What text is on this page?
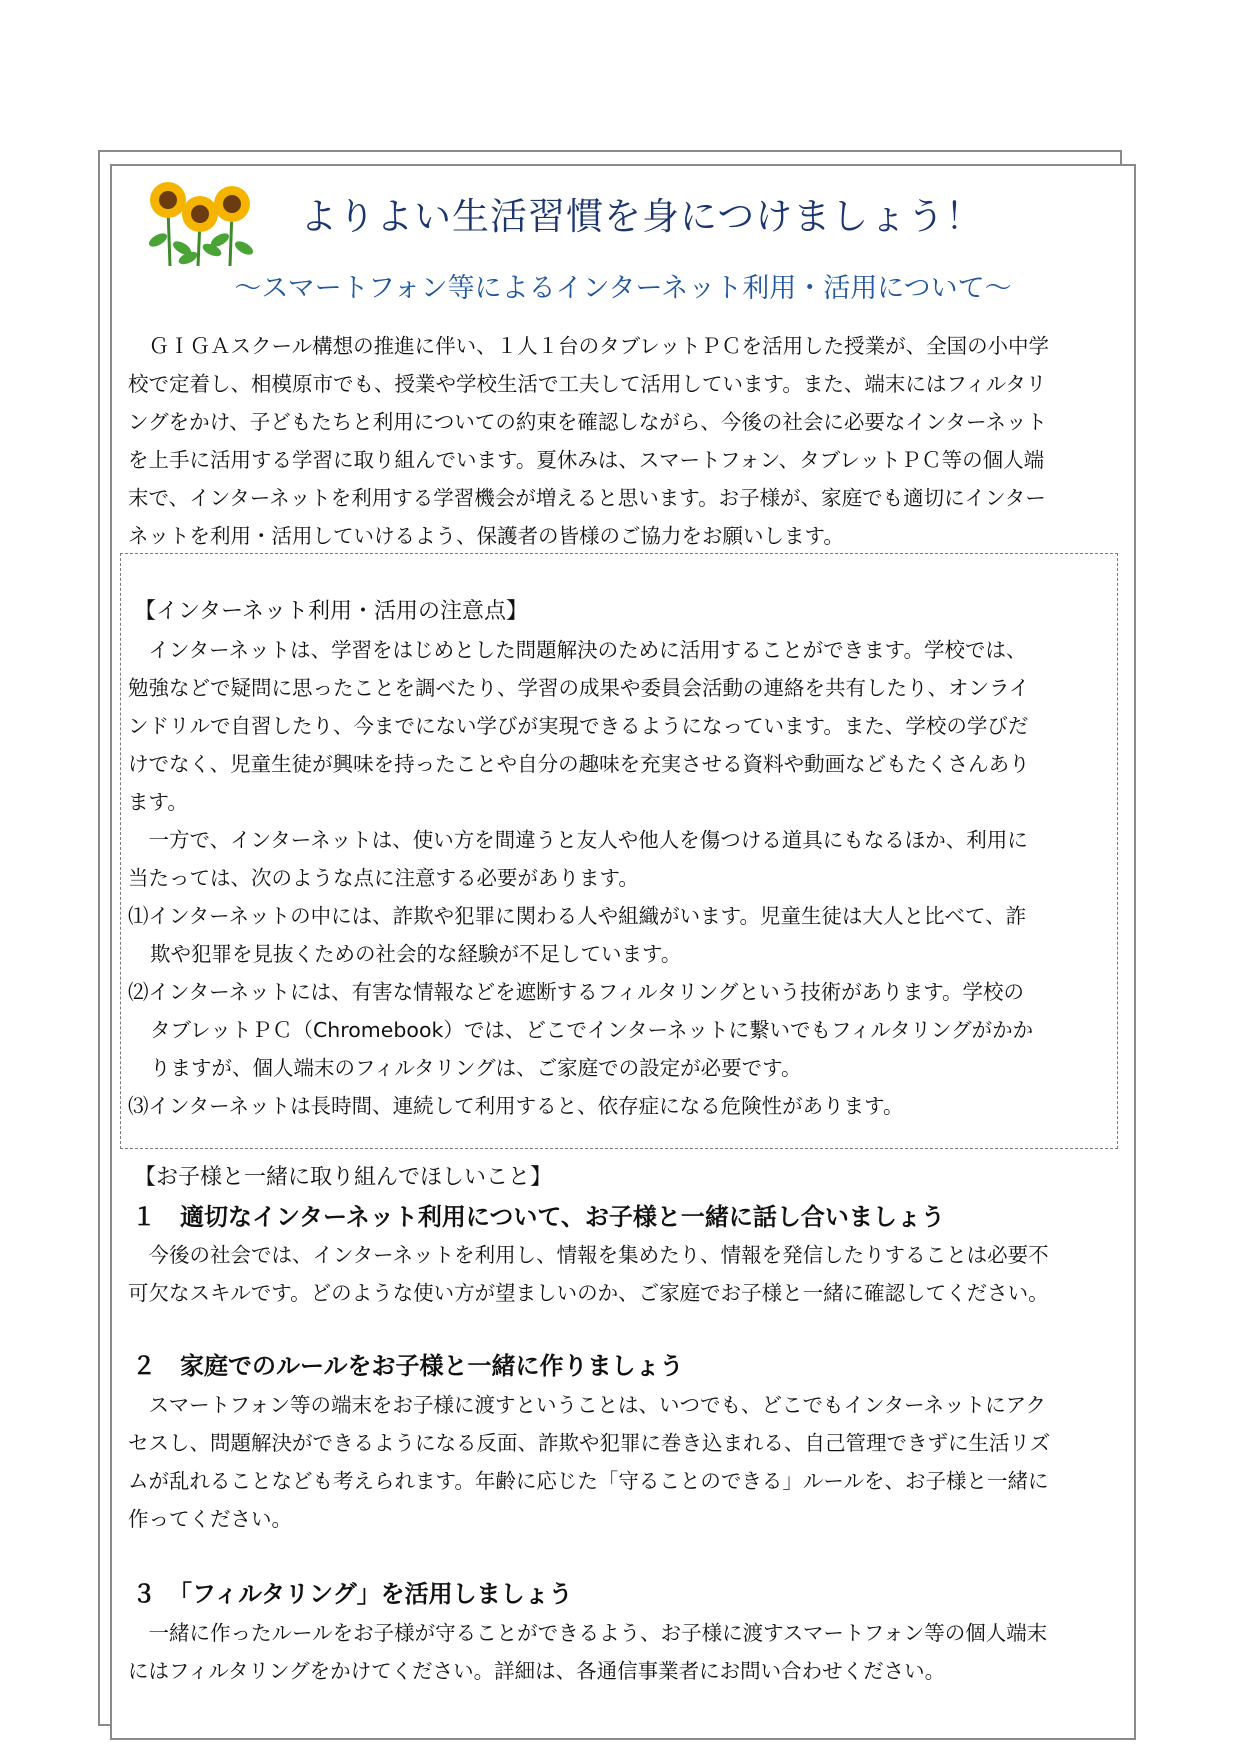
よりよい生活習慣を身につけましょう！
～スマートフォン等によるインターネット利用・活用について～
　ＧＩＧＡスクール構想の推進に伴い、１人１台のタブレットＰＣを活用した授業が、全国の小中学
校で定着し、相模原市でも、授業や学校生活で工夫して活用しています。また、端末にはフィルタリ
ングをかけ、子どもたちと利用についての約束を確認しながら、今後の社会に必要なインターネット
を上手に活用する学習に取り組んでいます。夏休みは、スマートフォン、タブレットＰＣ等の個人端
末で、インターネットを利用する学習機会が増えると思います。お子様が、家庭でも適切にインター
ネットを利用・活用していけるよう、保護者の皆様のご協力をお願いします。
【インターネット利用・活用の注意点】
　インターネットは、学習をはじめとした問題解決のために活用することができます。学校では、
勉強などで疑問に思ったことを調べたり、学習の成果や委員会活動の連絡を共有したり、オンライ
ンドリルで自習したり、今までにない学びが実現できるようになっています。また、学校の学びだ
けでなく、児童生徒が興味を持ったことや自分の趣味を充実させる資料や動画などもたくさんあり
ます。
　一方で、インターネットは、使い方を間違うと友人や他人を傷つける道具にもなるほか、利用に
当たっては、次のような点に注意する必要があります。
⑴インターネットの中には、詐欺や犯罪に関わる人や組織がいます。児童生徒は大人と比べて、詐
欺や犯罪を見抜くための社会的な経験が不足しています。
⑵インターネットには、有害な情報などを遮断するフィルタリングという技術があります。学校の
タブレットＰＣ（Chromebook）では、どこでインターネットに繋いでもフィルタリングがかか
りますが、個人端末のフィルタリングは、ご家庭での設定が必要です。
⑶インターネットは長時間、連続して利用すると、依存症になる危険性があります。
【お子様と一緒に取り組んでほしいこと】
１　適切なインターネット利用について、お子様と一緒に話し合いましょう
　今後の社会では、インターネットを利用し、情報を集めたり、情報を発信したりすることは必要不
可欠なスキルです。どのような使い方が望ましいのか、ご家庭でお子様と一緒に確認してください。
２　家庭でのルールをお子様と一緒に作りましょう
　スマートフォン等の端末をお子様に渡すということは、いつでも、どこでもインターネットにアク
セスし、問題解決ができるようになる反面、詐欺や犯罪に巻き込まれる、自己管理できずに生活リズ
ムが乱れることなども考えられます。年齢に応じた「守ることのできる」ルールを、お子様と一緒に
作ってください。
３　「フィルタリング」を活用しましょう
　一緒に作ったルールをお子様が守ることができるよう、お子様に渡すスマートフォン等の個人端末
にはフィルタリングをかけてください。詳細は、各通信事業者にお問い合わせください。
